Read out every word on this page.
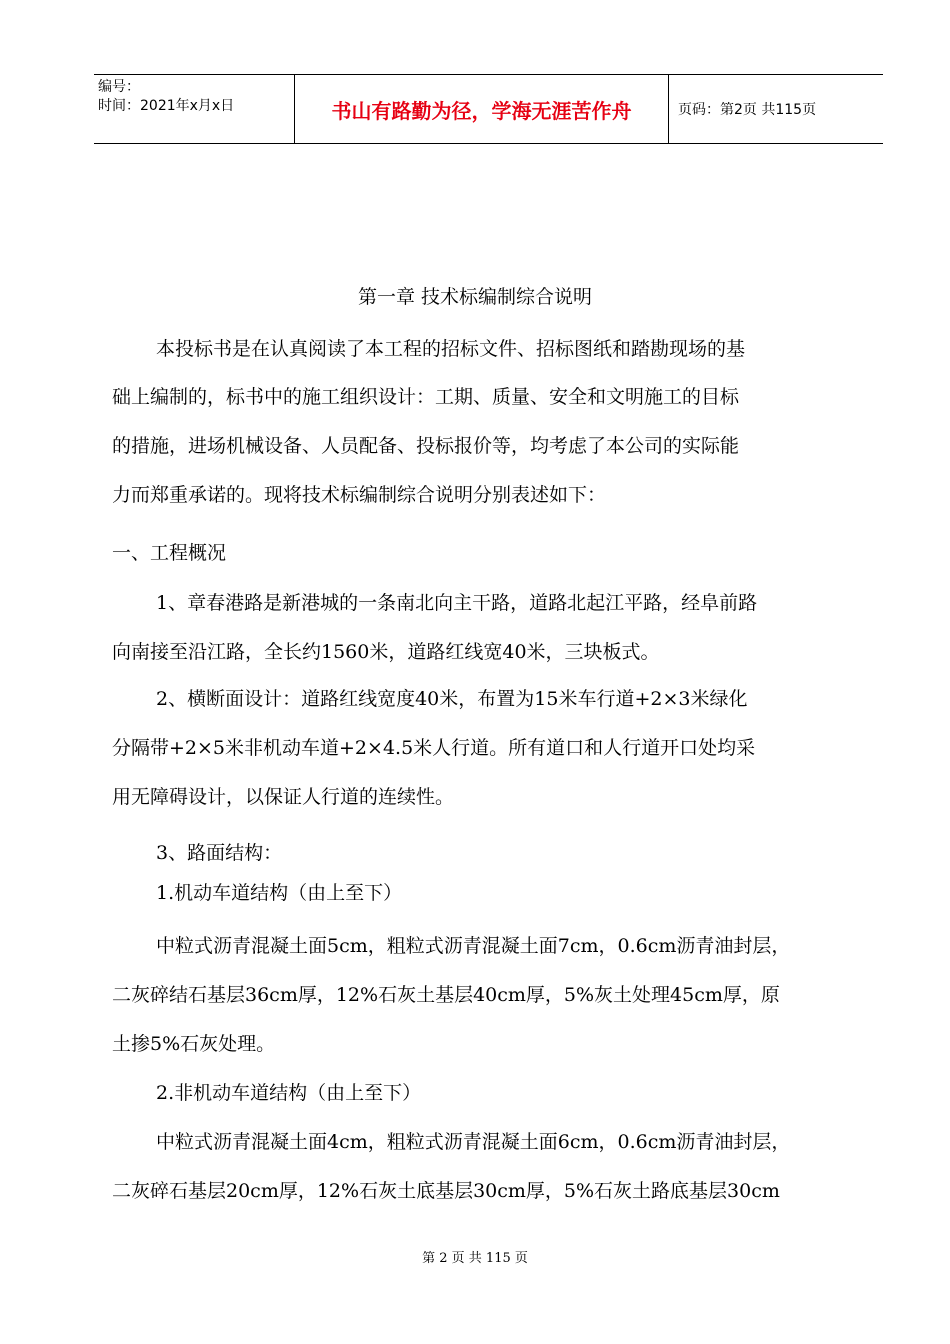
编号：
时间：2021年x月x日	书山有路勤为径，学海无涯苦作舟	页码：第2页 共115页
第一章 技术标编制综合说明
本投标书是在认真阅读了本工程的招标文件、招标图纸和踏勘现场的基
础上编制的，标书中的施工组织设计：工期、质量、安全和文明施工的目标
的措施，进场机械设备、人员配备、投标报价等，均考虑了本公司的实际能
力而郑重承诺的。现将技术标编制综合说明分别表述如下：
一、工程概况
1、章春港路是新港城的一条南北向主干路，道路北起江平路，经阜前路
向南接至沿江路，全长约1560米，道路红线宽40米，三块板式。
2、横断面设计：道路红线宽度40米，布置为15米车行道+2×3米绿化
分隔带+2×5米非机动车道+2×4.5米人行道。所有道口和人行道开口处均采
用无障碍设计，以保证人行道的连续性。
3、路面结构：
1.机动车道结构（由上至下）
中粒式沥青混凝土面5cm，粗粒式沥青混凝土面7cm，0.6cm沥青油封层，
二灰碎结石基层36cm厚，12%石灰土基层40cm厚，5%灰土处理45cm厚，原
土掺5%石灰处理。
2.非机动车道结构（由上至下）
中粒式沥青混凝土面4cm，粗粒式沥青混凝土面6cm，0.6cm沥青油封层，
二灰碎石基层20cm厚，12%石灰土底基层30cm厚，5%石灰土路底基层30cm
第 2 页 共 115 页
